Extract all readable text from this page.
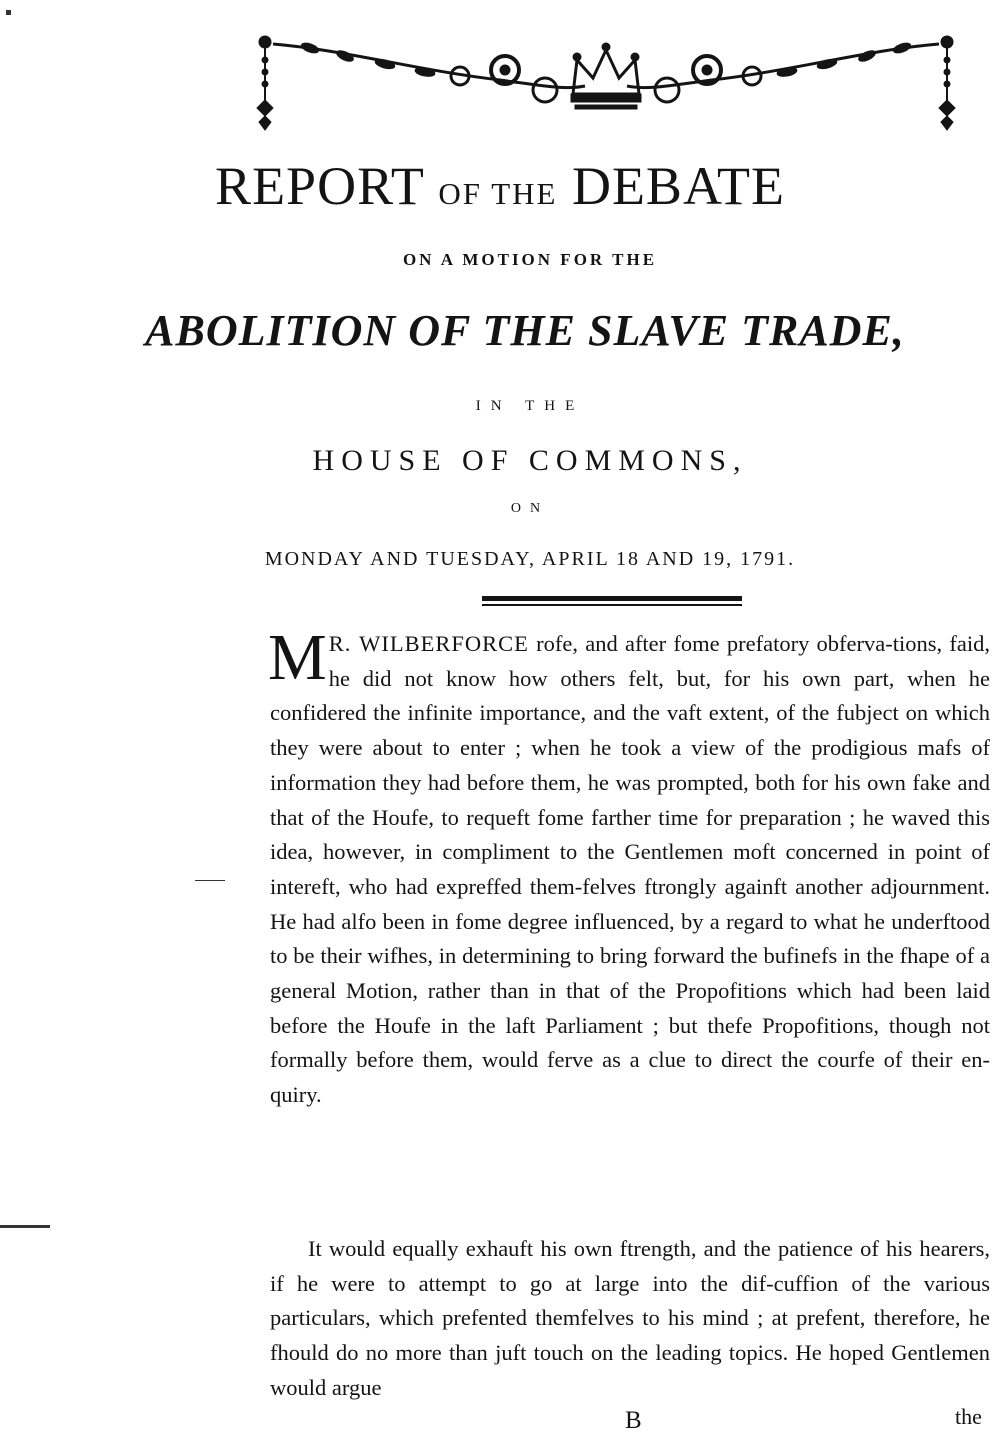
REPORT OF THE DEBATE
ON A MOTION FOR THE
ABOLITION OF THE SLAVE TRADE,
IN THE
HOUSE OF COMMONS,
ON
MONDAY AND TUESDAY, APRIL 18 AND 19, 1791.
M R. WILBERFORCE rofe, and after fome prefatory obferva-tions, faid, he did not know how others felt, but, for his own part, when he confidered the infinite importance, and the vaft extent, of the fubject on which they were about to enter ; when he took a view of the prodigious mafs of information they had before them, he was prompted, both for his own fake and that of the Houfe, to requeft fome farther time for preparation ; he waved this idea, however, in compliment to the Gentlemen moft concerned in point of intereft, who had expreffed them-felves ftrongly againft another adjournment. He had alfo been in fome degree influenced, by a regard to what he underftood to be their wifhes, in determining to bring forward the bufinefs in the fhape of a general Motion, rather than in that of the Propofitions which had been laid before the Houfe in the laft Parliament ; but thefe Propofitions, though not formally before them, would ferve as a clue to direct the courfe of their en-quiry.
It would equally exhauft his own ftrength, and the patience of his hearers, if he were to attempt to go at large into the dif-cuffion of the various particulars, which prefented themfelves to his mind ; at prefent, therefore, he fhould do no more than juft touch on the leading topics. He hoped Gentlemen would argue
B	the
